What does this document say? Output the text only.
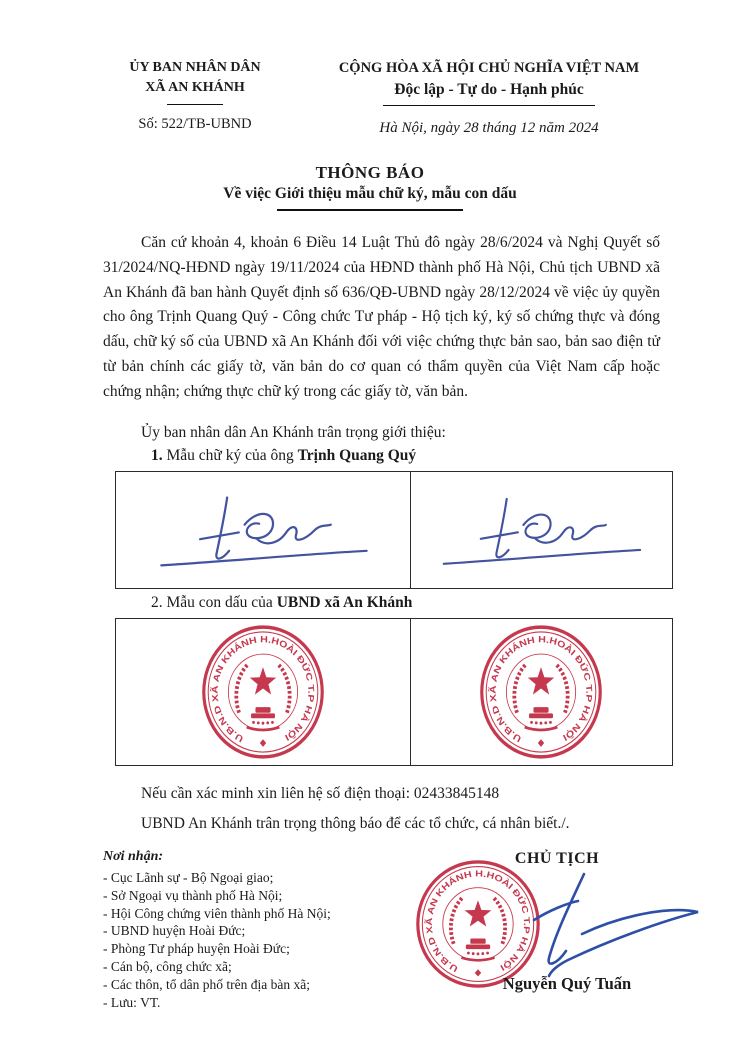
ỦY BAN NHÂN DÂN
XÃ AN KHÁNH
Số: 522/TB-UBND
CỘNG HÒA XÃ HỘI CHỦ NGHĨA VIỆT NAM
Độc lập - Tự do - Hạnh phúc
Hà Nội, ngày 28 tháng 12 năm 2024
THÔNG BÁO
Về việc Giới thiệu mẫu chữ ký, mẫu con dấu
Căn cứ khoản 4, khoản 6 Điều 14 Luật Thủ đô ngày 28/6/2024 và Nghị Quyết số 31/2024/NQ-HĐND ngày 19/11/2024 của HĐND thành phố Hà Nội, Chủ tịch UBND xã An Khánh đã ban hành Quyết định số 636/QĐ-UBND ngày 28/12/2024 về việc ủy quyền cho ông Trịnh Quang Quý - Công chức Tư pháp - Hộ tịch ký, ký số chứng thực và đóng dấu, chữ ký số của UBND xã An Khánh đối với việc chứng thực bản sao, bản sao điện tử từ bản chính các giấy tờ, văn bản do cơ quan có thẩm quyền của Việt Nam cấp hoặc chứng nhận; chứng thực chữ ký trong các giấy tờ, văn bản.
Ủy ban nhân dân An Khánh trân trọng giới thiệu:
1. Mẫu chữ ký của ông Trịnh Quang Quý
2. Mẫu con dấu của UBND xã An Khánh
Nếu cần xác minh xin liên hệ số điện thoại: 02433845148
UBND An Khánh trân trọng thông báo để các tổ chức, cá nhân biết./.
Nơi nhận:
- Cục Lãnh sự - Bộ Ngoại giao;
- Sở Ngoại vụ thành phố Hà Nội;
- Hội Công chứng viên thành phố Hà Nội;
- UBND huyện Hoài Đức;
- Phòng Tư pháp huyện Hoài Đức;
- Cán bộ, công chức xã;
- Các thôn, tổ dân phố trên địa bàn xã;
- Lưu: VT.
CHỦ TỊCH
Nguyễn Quý Tuấn
